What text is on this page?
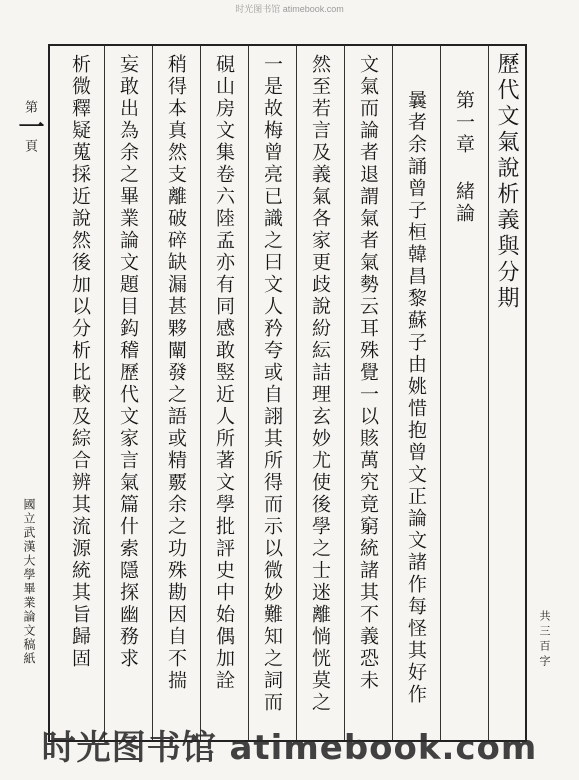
时光图书馆 atimebook.com
歷代文氣說析義與分期
第一章 緒論
曩者余誦曾子桓韓昌黎蘇子由姚惜抱曾文正論文諸作每怪其好作
文氣而論者退謂氣者氣勢云耳殊覺一以賅萬究竟窮統諸其不義恐未
然至若言及義氣各家更歧說紛紜詰理玄妙尤使後學之士迷離惝恍莫之
一是故梅曾亮已識之曰文人矜夸或自詡其所得而示以微妙難知之詞而
硯山房文集卷六陸孟亦有同感敢竪近人所著文學批評史中始偶加詮
稍得本真然支離破碎缺漏甚夥闡發之語或精覈余之功殊勘因自不揣
妄敢出為余之畢業論文題目鈎稽歷代文家言氣篇什索隱探幽務求
析微釋疑蒐採近說然後加以分析比較及綜合辨其流源統其旨歸固
第一頁
國立武漢大學畢業論文稿紙	共三百字
时光图书馆 atimebook.com
